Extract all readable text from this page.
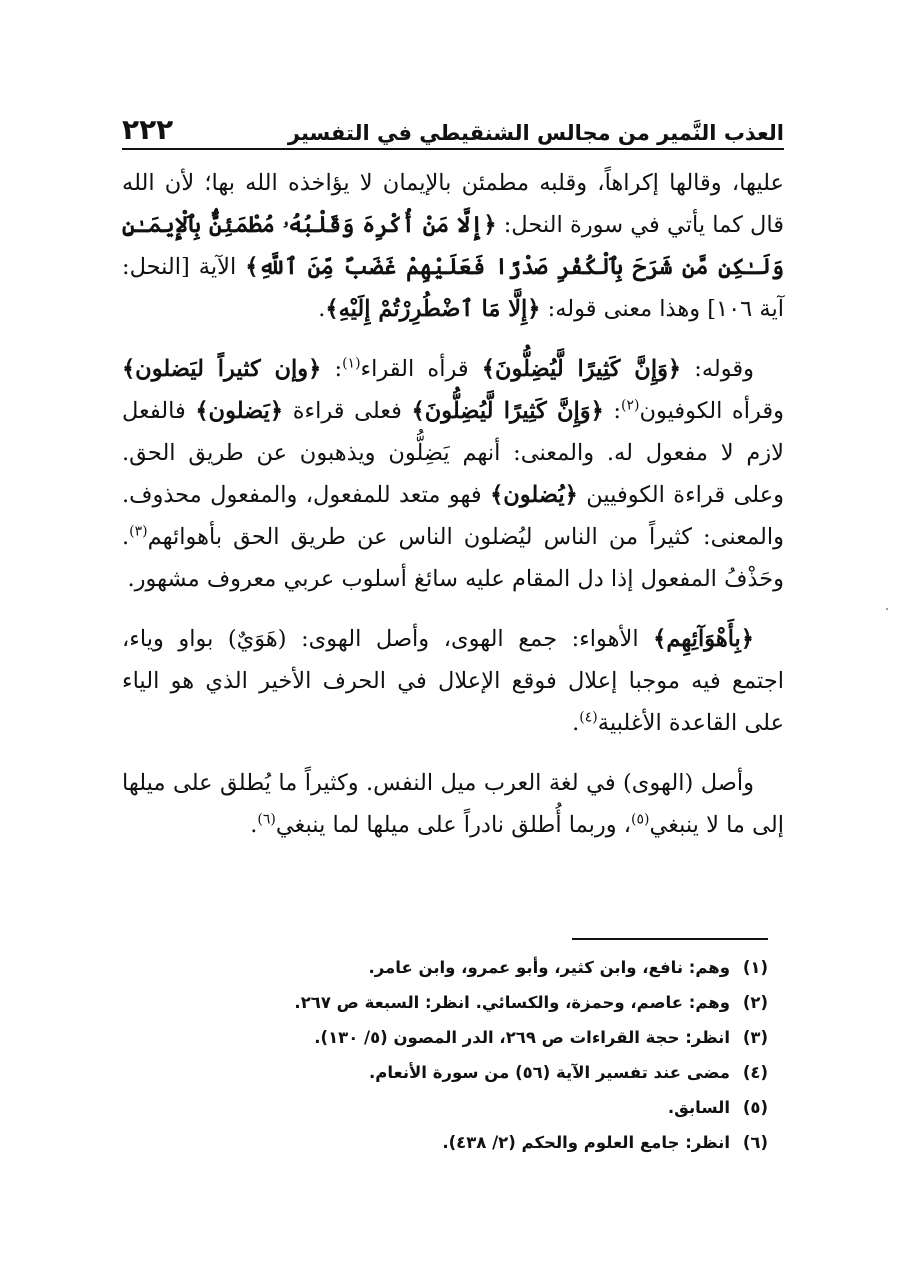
العذب النَّمير من مجالس الشنقيطي في التفسير
٢٢٢

عليها، وقالها إكراهاً، وقلبه مطمئن بالإيمان لا يؤاخذه الله بها؛ لأن الله قال كما يأتي في سورة النحل: ﴿إِلَّا مَنْ أُكْرِهَ وَقَلْبُهُۥ مُطْمَئِنٌّۢ بِٱلْإِيمَـٰنِ وَلَـٰكِن مَّن شَرَحَ بِٱلْكُفْرِ صَدْرًا فَعَلَيْهِمْ غَضَبٌ مِّنَ ٱللَّهِ﴾ الآية [النحل: آية ١٠٦] وهذا معنى قوله: ﴿إِلَّا مَا ٱضْطُرِرْتُمْ إِلَيْهِ﴾.

وقوله: ﴿وَإِنَّ كَثِيرًا لَّيُضِلُّونَ﴾ قرأه القراء$^{(١)}$: ﴿وإن كثيراً ليَضلون﴾ وقرأه الكوفيون$^{(٢)}$: ﴿وَإِنَّ كَثِيرًا لَّيُضِلُّونَ﴾ فعلى قراءة ﴿يَضلون﴾ فالفعل لازم لا مفعول له. والمعنى: أنهم يَضِلُّون ويذهبون عن طريق الحق. وعلى قراءة الكوفيين ﴿يُضلون﴾ فهو متعد للمفعول، والمفعول محذوف. والمعنى: كثيراً من الناس ليُضلون الناس عن طريق الحق بأهوائهم$^{(٣)}$. وحَذْفُ المفعول إذا دل المقام عليه سائغ أسلوب عربي معروف مشهور.

﴿بِأَهْوَآئِهِم﴾ الأهواء: جمع الهوى، وأصل الهوى: (هَوَيٌ) بواو وياء، اجتمع فيه موجبا إعلال فوقع الإعلال في الحرف الأخير الذي هو الياء على القاعدة الأغلبية$^{(٤)}$.

وأصل (الهوى) في لغة العرب ميل النفس. وكثيراً ما يُطلق على ميلها إلى ما لا ينبغي$^{(٥)}$، وربما أُطلق نادراً على ميلها لما ينبغي$^{(٦)}$.

(١)وهم: نافع، وابن كثير، وأبو عمرو، وابن عامر.
(٢)وهم: عاصم، وحمزة، والكسائي. انظر: السبعة ص ٢٦٧.
(٣)انظر: حجة القراءات ص ٢٦٩، الدر المصون (٥/ ١٣٠).
(٤)مضى عند تفسير الآية (٥٦) من سورة الأنعام.
(٥)السابق.
(٦)انظر: جامع العلوم والحكم (٢/ ٤٣٨).
